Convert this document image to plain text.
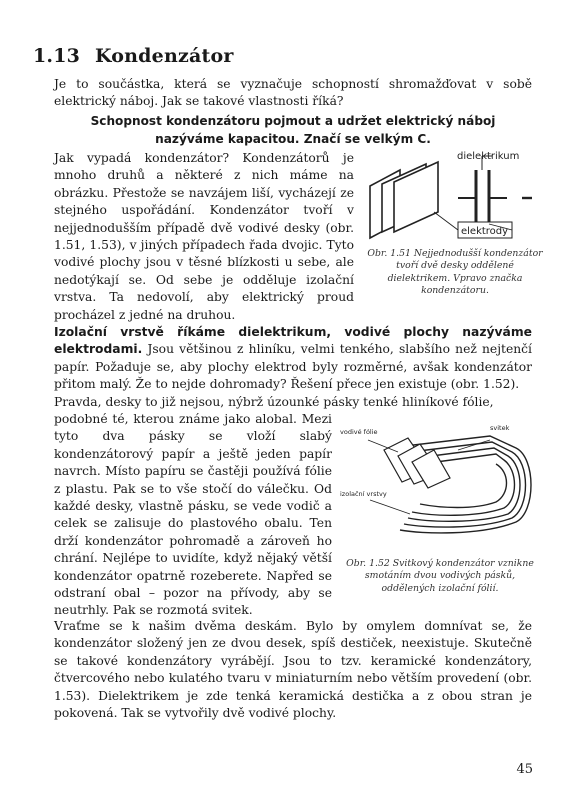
1.13 Kondenzátor

Je to součástka, která se vyznačuje schopností shromažďovat v sobě elektrický náboj. Jak se takové vlastnosti říká?

Schopnost kondenzátoru pojmout a udržet elektrický náboj
nazýváme kapacitou. Značí se velkým C.

Jak vypadá kondenzátor? Kondenzátorů je mnoho druhů a některé z nich máme na obrázku. Přestože se navzájem liší, vycházejí ze stejného uspořádání. Kondenzátor tvoří v nejjednodušším případě dvě vodivé desky (obr. 1.51, 1.53), v jiných případech řada dvojic. Tyto vodivé plochy jsou v těsné blízkosti u sebe, ale nedotýkají se. Od sebe je odděluje izolační vrstva. Ta nedovolí, aby elektrický proud procházel z jedné na druhou.

dielektrikum
elektrody

Obr. 1.51 Nejjednodušší kondenzátor tvoří dvě desky oddělené dielektrikem. Vpravo značka kondenzátoru.

Izolační vrstvě říkáme dielektrikum, vodivé plochy nazýváme elektrodami. Jsou většinou z hliníku, velmi tenkého, slabšího než nejtenčí papír. Požaduje se, aby plochy elektrod byly rozměrné, avšak kondenzátor přitom malý. Že to nejde dohromady? Řešení přece jen existuje (obr. 1.52).

Pravda, desky to již nejsou, nýbrž úzounké pásky tenké hliníkové fólie,

podobné té, kterou známe jako alobal. Mezi tyto dva pásky se vloží slabý kondenzátorový papír a ještě jeden papír navrch. Místo papíru se častěji používá fólie z plastu. Pak se to vše stočí do válečku. Od každé desky, vlastně pásku, se vede vodič a celek se zalisuje do plastového obalu. Ten drží kondenzátor pohromadě a zároveň ho chrání. Nejlépe to uvidíte, když nějaký větší kondenzátor opatrně rozeberete. Napřed se odstraní obal – pozor na přívody, aby se neutrhly. Pak se rozmotá svitek.

vodivé fólie	svitek
izolační vrstvy

Obr. 1.52 Svitkový kondenzátor vznikne smotáním dvou vodivých pásků, oddělených izolační fólií.

Vraťme se k našim dvěma deskám. Bylo by omylem domnívat se, že kondenzátor složený jen ze dvou desek, spíš destiček, neexistuje. Skutečně se takové kondenzátory vyrábějí. Jsou to tzv. keramické kondenzátory, čtvercového nebo kulatého tvaru v miniaturním nebo větším provedení (obr. 1.53). Dielektrikem je zde tenká keramická destička a z obou stran je pokovená. Tak se vytvořily dvě vodivé plochy.

45
